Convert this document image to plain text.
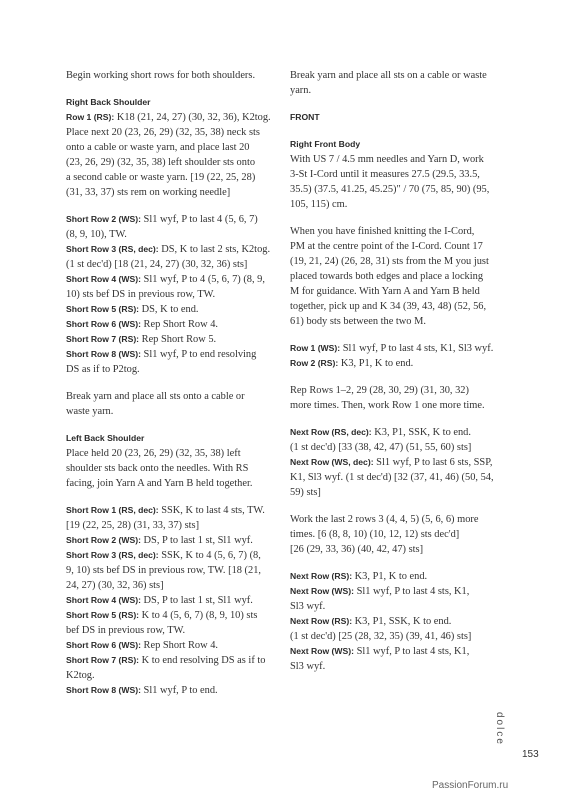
Begin working short rows for both shoulders.

Right Back Shoulder

Row 1 (RS): K18 (21, 24, 27) (30, 32, 36), K2tog.
Place next 20 (23, 26, 29) (32, 35, 38) neck sts
onto a cable or waste yarn, and place last 20
(23, 26, 29) (32, 35, 38) left shoulder sts onto
a second cable or waste yarn. [19 (22, 25, 28)
(31, 33, 37) sts rem on working needle]

Short Row 2 (WS): Sl1 wyf, P to last 4 (5, 6, 7)
(8, 9, 10), TW.

Short Row 3 (RS, dec): DS, K to last 2 sts, K2tog.
(1 st dec'd) [18 (21, 24, 27) (30, 32, 36) sts]

Short Row 4 (WS): Sl1 wyf, P to 4 (5, 6, 7) (8, 9,
10) sts bef DS in previous row, TW.

Short Row 5 (RS): DS, K to end.

Short Row 6 (WS): Rep Short Row 4.

Short Row 7 (RS): Rep Short Row 5.

Short Row 8 (WS): Sl1 wyf, P to end resolving
DS as if to P2tog.

Break yarn and place all sts onto a cable or
waste yarn.

Left Back Shoulder

Place held 20 (23, 26, 29) (32, 35, 38) left
shoulder sts back onto the needles. With RS
facing, join Yarn A and Yarn B held together.

Short Row 1 (RS, dec): SSK, K to last 4 sts, TW.
[19 (22, 25, 28) (31, 33, 37) sts]

Short Row 2 (WS): DS, P to last 1 st, Sl1 wyf.

Short Row 3 (RS, dec): SSK, K to 4 (5, 6, 7) (8,
9, 10) sts bef DS in previous row, TW. [18 (21,
24, 27) (30, 32, 36) sts]

Short Row 4 (WS): DS, P to last 1 st, Sl1 wyf.

Short Row 5 (RS): K to 4 (5, 6, 7) (8, 9, 10) sts
bef DS in previous row, TW.

Short Row 6 (WS): Rep Short Row 4.

Short Row 7 (RS): K to end resolving DS as if to
K2tog.

Short Row 8 (WS): Sl1 wyf, P to end.

Break yarn and place all sts on a cable or waste
yarn.

FRONT
Right Front Body

With US 7 / 4.5 mm needles and Yarn D, work
3-St I-Cord until it measures 27.5 (29.5, 33.5,
35.5) (37.5, 41.25, 45.25)" / 70 (75, 85, 90) (95,
105, 115) cm.

When you have finished knitting the I-Cord,
PM at the centre point of the I-Cord. Count 17
(19, 21, 24) (26, 28, 31) sts from the M you just
placed towards both edges and place a locking
M for guidance. With Yarn A and Yarn B held
together, pick up and K 34 (39, 43, 48) (52, 56,
61) body sts between the two M.

Row 1 (WS): Sl1 wyf, P to last 4 sts, K1, Sl3 wyf.

Row 2 (RS): K3, P1, K to end.

Rep Rows 1–2, 29 (28, 30, 29) (31, 30, 32)
more times. Then, work Row 1 one more time.

Next Row (RS, dec): K3, P1, SSK, K to end.
(1 st dec'd) [33 (38, 42, 47) (51, 55, 60) sts]

Next Row (WS, dec): Sl1 wyf, P to last 6 sts, SSP,
K1, Sl3 wyf. (1 st dec'd) [32 (37, 41, 46) (50, 54,
59) sts]

Work the last 2 rows 3 (4, 4, 5) (5, 6, 6) more
times. [6 (8, 8, 10) (10, 12, 12) sts dec'd]
[26 (29, 33, 36) (40, 42, 47) sts]

Next Row (RS): K3, P1, K to end.

Next Row (WS): Sl1 wyf, P to last 4 sts, K1,
Sl3 wyf.

Next Row (RS): K3, P1, SSK, K to end.
(1 st dec'd) [25 (28, 32, 35) (39, 41, 46) sts]

Next Row (WS): Sl1 wyf, P to last 4 sts, K1,
Sl3 wyf.

dolce
153
PassionForum.ru
